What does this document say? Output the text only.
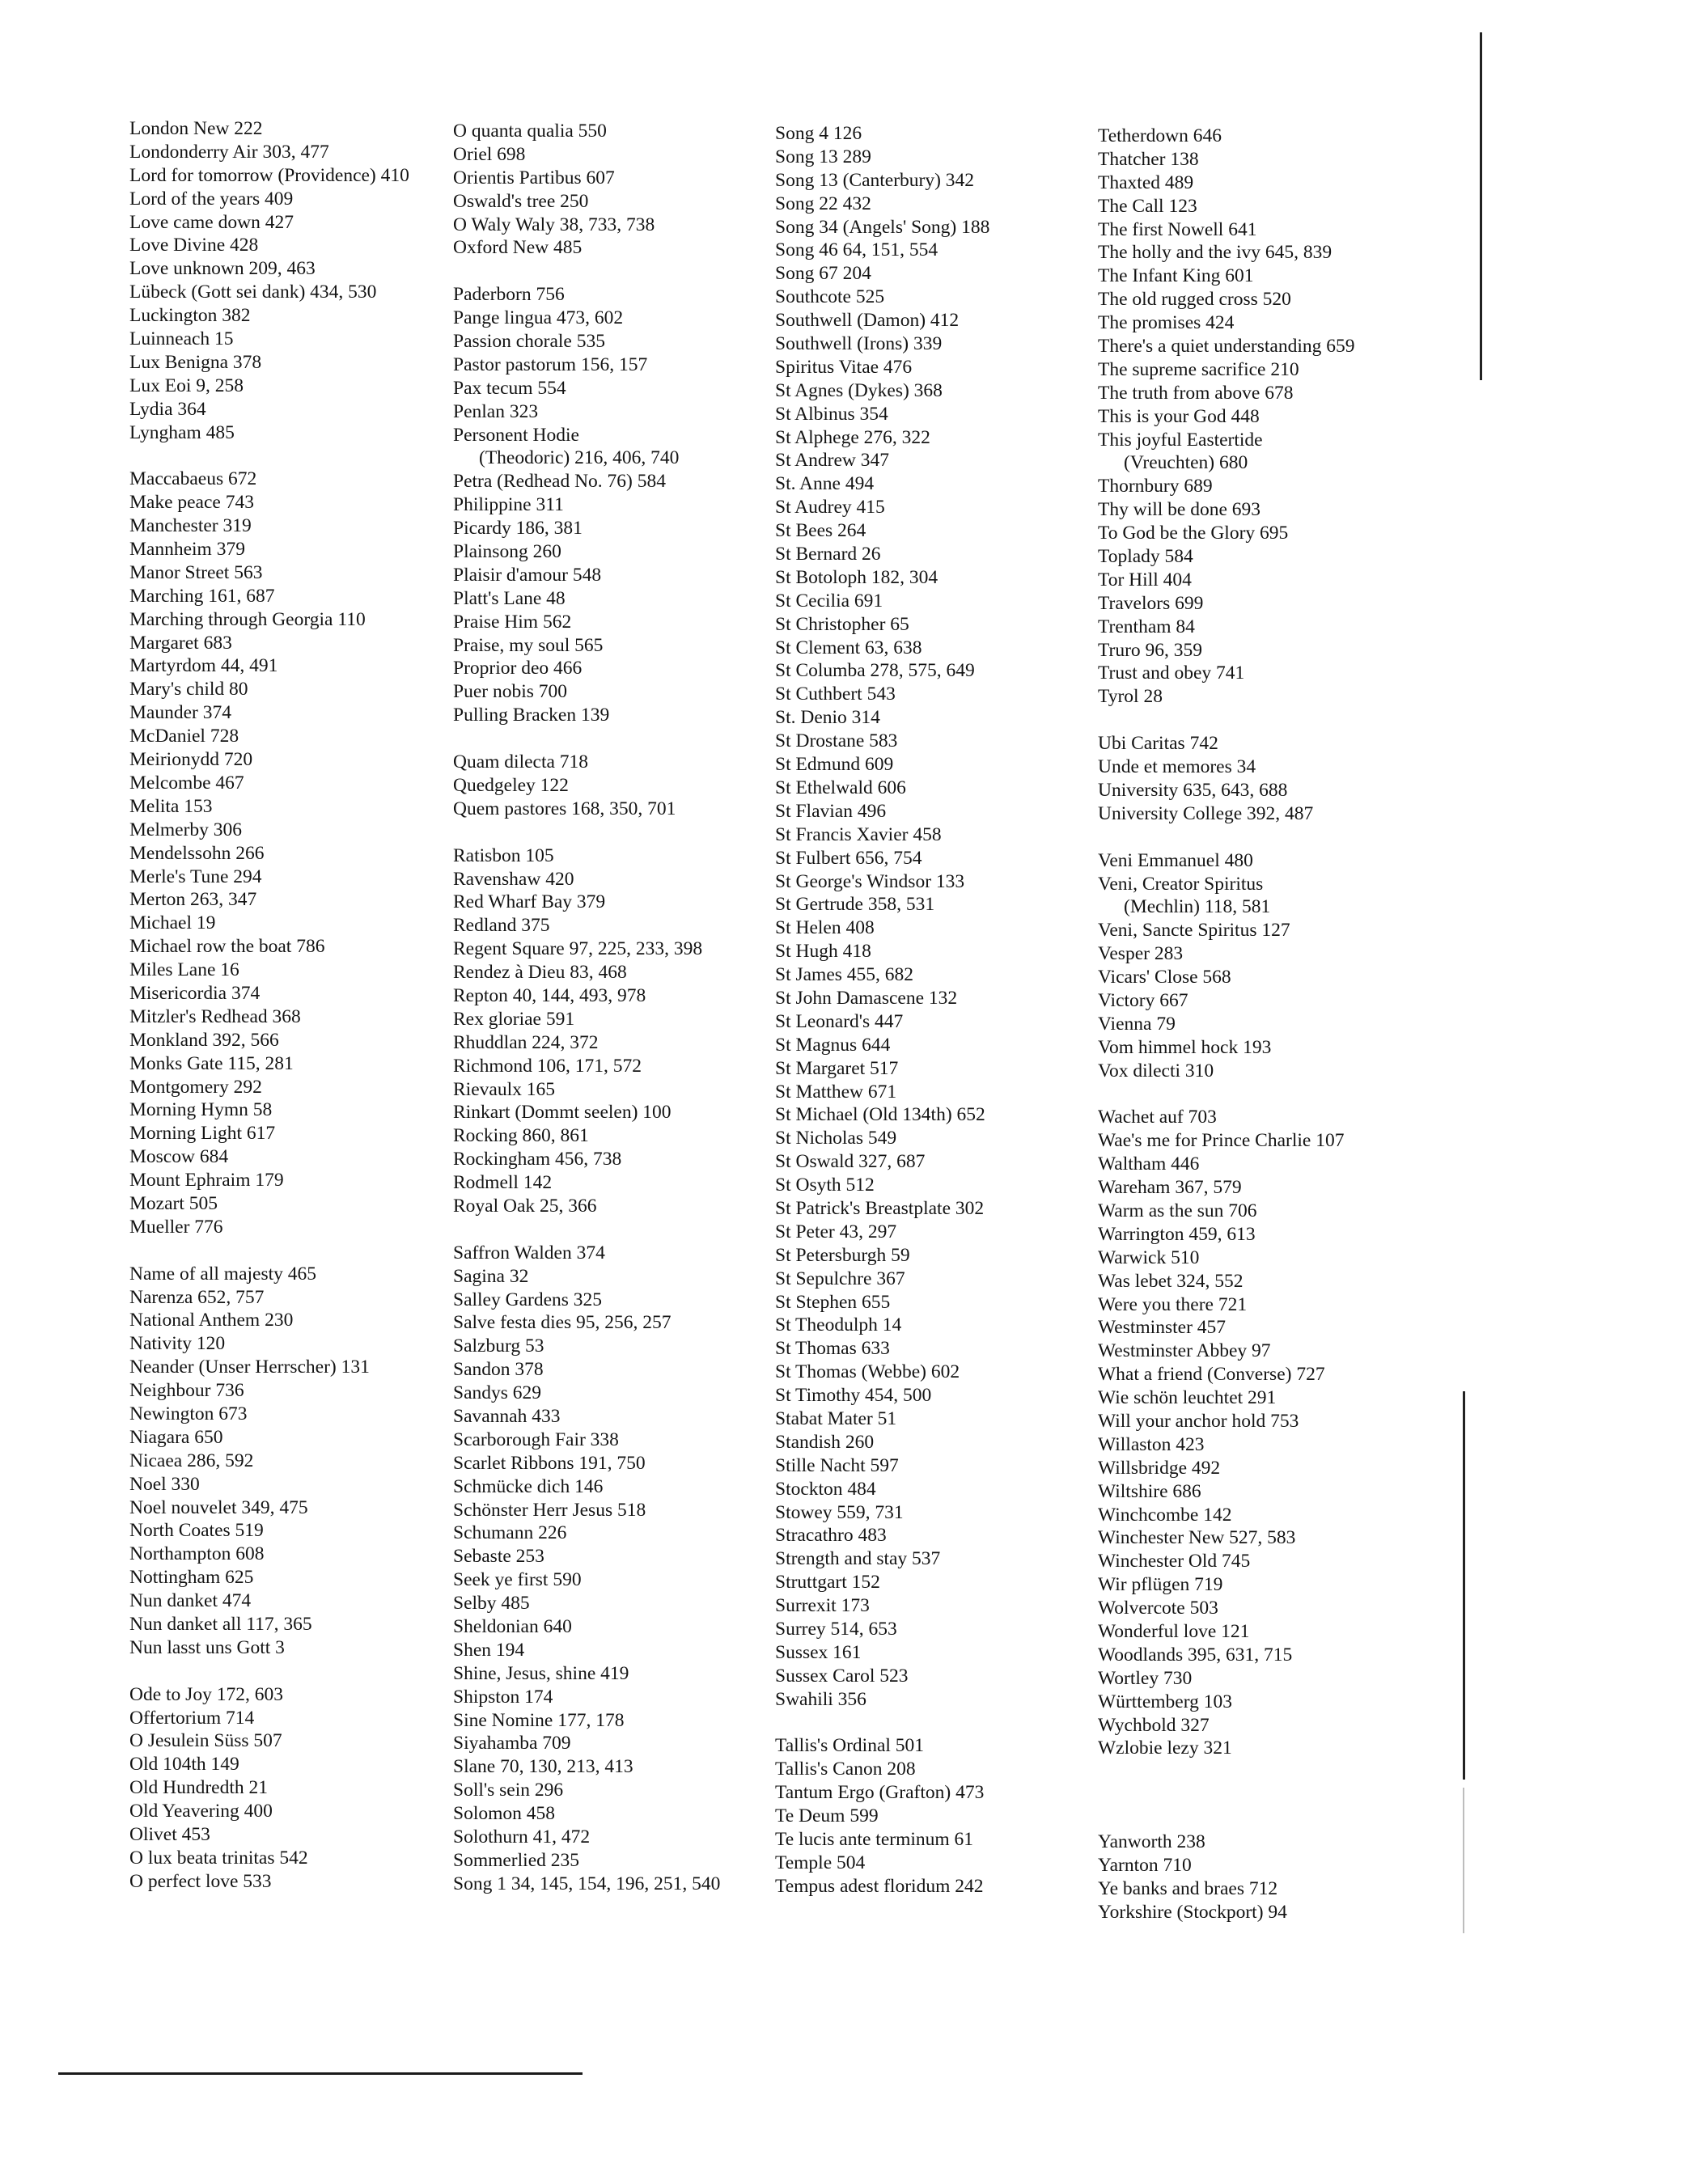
London New 222
Londonderry Air 303, 477
Lord for tomorrow (Providence) 410
Lord of the years 409
Love came down 427
Love Divine 428
Love unknown 209, 463
Lübeck (Gott sei dank) 434, 530
Luckington 382
Luinneach 15
Lux Benigna 378
Lux Eoi 9, 258
Lydia 364
Lyngham 485
Maccabaeus 672
Make peace 743
Manchester 319
Mannheim 379
Manor Street 563
Marching 161, 687
Marching through Georgia 110
Margaret 683
Martyrdom 44, 491
Mary's child 80
Maunder 374
McDaniel 728
Meirionydd 720
Melcombe 467
Melita 153
Melmerby 306
Mendelssohn 266
Merle's Tune 294
Merton 263, 347
Michael 19
Michael row the boat 786
Miles Lane 16
Misericordia 374
Mitzler's Redhead 368
Monkland 392, 566
Monks Gate 115, 281
Montgomery 292
Morning Hymn 58
Morning Light 617
Moscow 684
Mount Ephraim 179
Mozart 505
Mueller 776
Name of all majesty 465
Narenza 652, 757
National Anthem 230
Nativity 120
Neander (Unser Herrscher) 131
Neighbour 736
Newington 673
Niagara 650
Nicaea 286, 592
Noel 330
Noel nouvelet 349, 475
North Coates 519
Northampton 608
Nottingham 625
Nun danket 474
Nun danket all 117, 365
Nun lasst uns Gott 3
Ode to Joy 172, 603
Offertorium 714
O Jesulein Süss 507
Old 104th 149
Old Hundredth 21
Old Yeavering 400
Olivet 453
O lux beata trinitas 542
O perfect love 533
O quanta qualia 550
Oriel 698
Orientis Partibus 607
Oswald's tree 250
O Waly Waly 38, 733, 738
Oxford New 485
Paderborn 756
Pange lingua 473, 602
Passion chorale 535
Pastor pastorum 156, 157
Pax tecum 554
Penlan 323
Personent Hodie
(Theodoric) 216, 406, 740
Petra (Redhead No. 76) 584
Philippine 311
Picardy 186, 381
Plainsong 260
Plaisir d'amour 548
Platt's Lane 48
Praise Him 562
Praise, my soul 565
Proprior deo 466
Puer nobis 700
Pulling Bracken 139
Quam dilecta 718
Quedgeley 122
Quem pastores 168, 350, 701
Ratisbon 105
Ravenshaw 420
Red Wharf Bay 379
Redland 375
Regent Square 97, 225, 233, 398
Rendez à Dieu 83, 468
Repton 40, 144, 493, 978
Rex gloriae 591
Rhuddlan 224, 372
Richmond 106, 171, 572
Rievaulx 165
Rinkart (Dommt seelen) 100
Rocking 860, 861
Rockingham 456, 738
Rodmell 142
Royal Oak 25, 366
Saffron Walden 374
Sagina 32
Salley Gardens 325
Salve festa dies 95, 256, 257
Salzburg 53
Sandon 378
Sandys 629
Savannah 433
Scarborough Fair 338
Scarlet Ribbons 191, 750
Schmücke dich 146
Schönster Herr Jesus 518
Schumann 226
Sebaste 253
Seek ye first 590
Selby 485
Sheldonian 640
Shen 194
Shine, Jesus, shine 419
Shipston 174
Sine Nomine 177, 178
Siyahamba 709
Slane 70, 130, 213, 413
Soll's sein 296
Solomon 458
Solothurn 41, 472
Sommerlied 235
Song 1 34, 145, 154, 196, 251, 540
Song 4 126
Song 13 289
Song 13 (Canterbury) 342
Song 22 432
Song 34 (Angels' Song) 188
Song 46 64, 151, 554
Song 67 204
Southcote 525
Southwell (Damon) 412
Southwell (Irons) 339
Spiritus Vitae 476
St Agnes (Dykes) 368
St Albinus 354
St Alphege 276, 322
St Andrew 347
St. Anne 494
St Audrey 415
St Bees 264
St Bernard 26
St Botoloph 182, 304
St Cecilia 691
St Christopher 65
St Clement 63, 638
St Columba 278, 575, 649
St Cuthbert 543
St. Denio 314
St Drostane 583
St Edmund 609
St Ethelwald 606
St Flavian 496
St Francis Xavier 458
St Fulbert 656, 754
St George's Windsor 133
St Gertrude 358, 531
St Helen 408
St Hugh 418
St James 455, 682
St John Damascene 132
St Leonard's 447
St Magnus 644
St Margaret 517
St Matthew 671
St Michael (Old 134th) 652
St Nicholas 549
St Oswald 327, 687
St Osyth 512
St Patrick's Breastplate 302
St Peter 43, 297
St Petersburgh 59
St Sepulchre 367
St Stephen 655
St Theodulph 14
St Thomas 633
St Thomas (Webbe) 602
St Timothy 454, 500
Stabat Mater 51
Standish 260
Stille Nacht 597
Stockton 484
Stowey 559, 731
Stracathro 483
Strength and stay 537
Struttgart 152
Surrexit 173
Surrey 514, 653
Sussex 161
Sussex Carol 523
Swahili 356
Tallis's Ordinal 501
Tallis's Canon 208
Tantum Ergo (Grafton) 473
Te Deum 599
Te lucis ante terminum 61
Temple 504
Tempus adest floridum 242
Tetherdown 646
Thatcher 138
Thaxted 489
The Call 123
The first Nowell 641
The holly and the ivy 645, 839
The Infant King 601
The old rugged cross 520
The promises 424
There's a quiet understanding 659
The supreme sacrifice 210
The truth from above 678
This is your God 448
This joyful Eastertide
(Vreuchten) 680
Thornbury 689
Thy will be done 693
To God be the Glory 695
Toplady 584
Tor Hill 404
Travelors 699
Trentham 84
Truro 96, 359
Trust and obey 741
Tyrol 28
Ubi Caritas 742
Unde et memores 34
University 635, 643, 688
University College 392, 487
Veni Emmanuel 480
Veni, Creator Spiritus
(Mechlin) 118, 581
Veni, Sancte Spiritus 127
Vesper 283
Vicars' Close 568
Victory 667
Vienna 79
Vom himmel hock 193
Vox dilecti 310
Wachet auf 703
Wae's me for Prince Charlie 107
Waltham 446
Wareham 367, 579
Warm as the sun 706
Warrington 459, 613
Warwick 510
Was lebet 324, 552
Were you there 721
Westminster 457
Westminster Abbey 97
What a friend (Converse) 727
Wie schön leuchtet 291
Will your anchor hold 753
Willaston 423
Willsbridge 492
Wiltshire 686
Winchcombe 142
Winchester New 527, 583
Winchester Old 745
Wir pflügen 719
Wolvercote 503
Wonderful love 121
Woodlands 395, 631, 715
Wortley 730
Württemberg 103
Wychbold 327
Wzlobie lezy 321
Yanworth 238
Yarnton 710
Ye banks and braes 712
Yorkshire (Stockport) 94
